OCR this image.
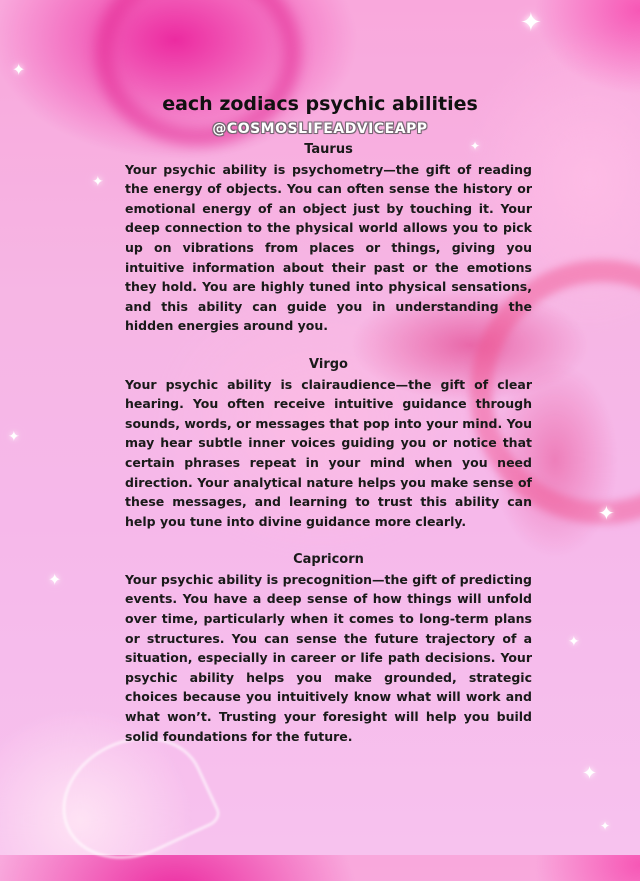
✦
✦
✦
✦
✦
✦
✦
✦
✦
✦
each zodiacs psychic abilities
@COSMOSLIFEADVICEAPP

Taurus

Your psychic ability is psychometry—the gift of reading the energy of objects. You can often sense the history or emotional energy of an object just by touching it. Your deep connection to the physical world allows you to pick up on vibrations from places or things, giving you intuitive information about their past or the emotions they hold. You are highly tuned into physical sensations, and this ability can guide you in understanding the hidden energies around you.

Virgo

Your psychic ability is clairaudience—the gift of clear hearing. You often receive intuitive guidance through sounds, words, or messages that pop into your mind. You may hear subtle inner voices guiding you or notice that certain phrases repeat in your mind when you need direction. Your analytical nature helps you make sense of these messages, and learning to trust this ability can help you tune into divine guidance more clearly.

Capricorn

Your psychic ability is precognition—the gift of predicting events. You have a deep sense of how things will unfold over time, particularly when it comes to long-term plans or structures. You can sense the future trajectory of a situation, especially in career or life path decisions. Your psychic ability helps you make grounded, strategic choices because you intuitively know what will work and what won’t. Trusting your foresight will help you build solid foundations for the future.
